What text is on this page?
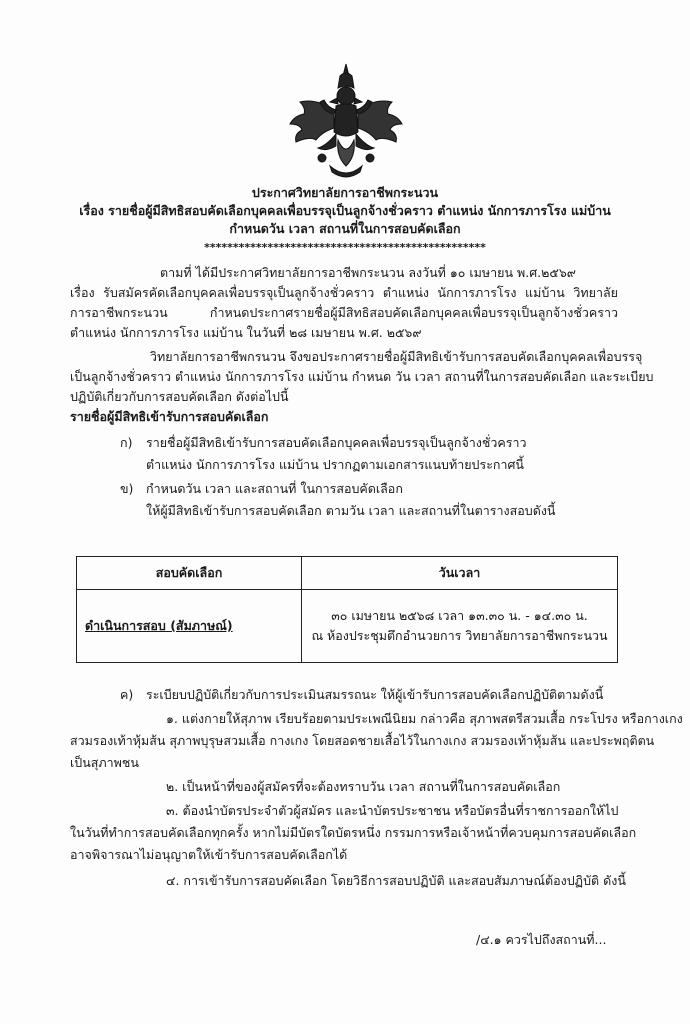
ประกาศวิทยาลัยการอาชีพกระนวน
เรื่อง รายชื่อผู้มีสิทธิสอบคัดเลือกบุคคลเพื่อบรรจุเป็นลูกจ้างชั่วคราว ตำแหน่ง นักการภารโรง แม่บ้าน
กำหนดวัน เวลา สถานที่ในการสอบคัดเลือก
*************************************************
ตามที่ ได้มีประกาศวิทยาลัยการอาชีพกระนวน ลงวันที่ ๑๐ เมษายน พ.ศ.๒๕๖๙
เรื่อง รับสมัครคัดเลือกบุคคลเพื่อบรรจุเป็นลูกจ้างชั่วคราว ตำแหน่ง นักการภารโรง แม่บ้าน วิทยาลัย
การอาชีพกระนวน กำหนดประกาศรายชื่อผู้มีสิทธิสอบคัดเลือกบุคคลเพื่อบรรจุเป็นลูกจ้างชั่วคราว
ตำแหน่ง นักการภารโรง แม่บ้าน ในวันที่ ๒๘ เมษายน พ.ศ. ๒๕๖๙
วิทยาลัยการอาชีพกรนวน จึงขอประกาศรายชื่อผู้มีสิทธิเข้ารับการสอบคัดเลือกบุคคลเพื่อบรรจุ
เป็นลูกจ้างชั่วคราว ตำแหน่ง นักการภารโรง แม่บ้าน กำหนด วัน เวลา สถานที่ในการสอบคัดเลือก และระเบียบ
ปฏิบัติเกี่ยวกับการสอบคัดเลือก ดังต่อไปนี้
รายชื่อผู้มีสิทธิเข้ารับการสอบคัดเลือก
ก)	รายชื่อผู้มีสิทธิเข้ารับการสอบคัดเลือกบุคคลเพื่อบรรจุเป็นลูกจ้างชั่วคราว
ตำแหน่ง นักการภารโรง แม่บ้าน ปรากฏตามเอกสารแนบท้ายประกาศนี้
ข)	กำหนดวัน เวลา และสถานที่ ในการสอบคัดเลือก
ให้ผู้มีสิทธิเข้ารับการสอบคัดเลือก ตามวัน เวลา และสถานที่ในตารางสอบดังนี้
สอบคัดเลือก	วันเวลา
ดำเนินการสอบ (สัมภาษณ์)	๓๐ เมษายน ๒๕๖๘ เวลา ๑๓.๓๐ น. - ๑๔.๓๐ น.
ณ ห้องประชุมตึกอำนวยการ วิทยาลัยการอาชีพกระนวน
ค)	ระเบียบปฏิบัติเกี่ยวกับการประเมินสมรรถนะ ให้ผู้เข้ารับการสอบคัดเลือกปฏิบัติตามดังนี้
๑. แต่งกายให้สุภาพ เรียบร้อยตามประเพณีนิยม กล่าวคือ สุภาพสตรีสวมเสื้อ กระโปรง หรือกางเกง
สวมรองเท้าหุ้มส้น สุภาพบุรุษสวมเสื้อ กางเกง โดยสอดชายเสื้อไว้ในกางเกง สวมรองเท้าหุ้มส้น และประพฤติตน
เป็นสุภาพชน
๒. เป็นหน้าที่ของผู้สมัครที่จะต้องทราบวัน เวลา สถานที่ในการสอบคัดเลือก
๓. ต้องนำบัตรประจำตัวผู้สมัคร และนำบัตรประชาชน หรือบัตรอื่นที่ราชการออกให้ไป
ในวันที่ทำการสอบคัดเลือกทุกครั้ง หากไม่มีบัตรใดบัตรหนึ่ง กรรมการหรือเจ้าหน้าที่ควบคุมการสอบคัดเลือก
อาจพิจารณาไม่อนุญาตให้เข้ารับการสอบคัดเลือกได้
๔. การเข้ารับการสอบคัดเลือก โดยวิธีการสอบปฏิบัติ และสอบสัมภาษณ์ต้องปฏิบัติ ดังนี้
/๔.๑ ควรไปถึงสถานที่...
